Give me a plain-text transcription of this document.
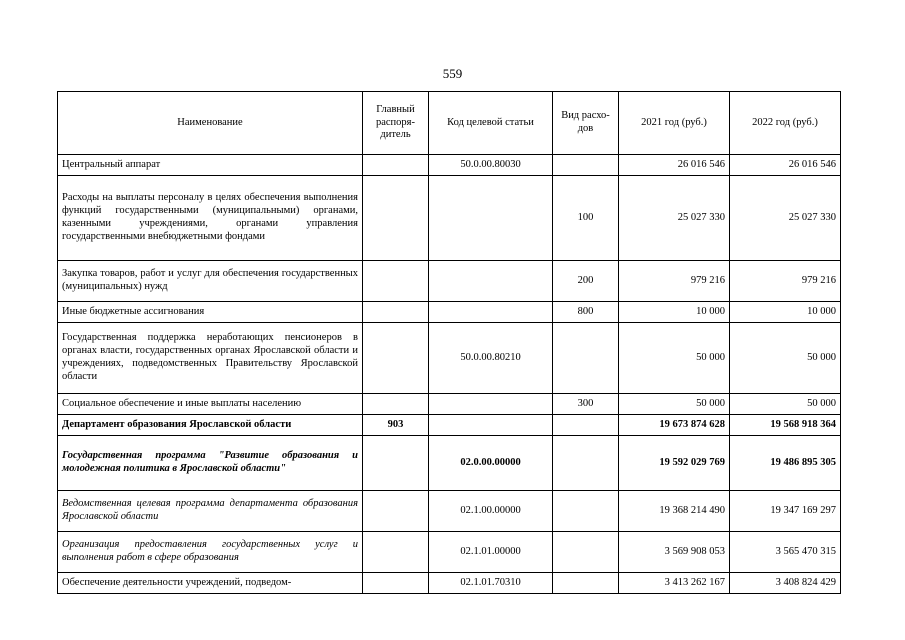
559
Наименование	Главный распоря-дитель	Код целевой статьи	Вид расхо-дов	2021 год (руб.)	2022 год (руб.)
Центральный аппарат		50.0.00.80030		26 016 546	26 016 546
Расходы на выплаты персоналу в целях обеспечения выполнения функций государственными (муниципальными) органами, казенными учреждениями, органами управления государственными внебюджетными фондами			100	25 027 330	25 027 330
Закупка товаров, работ и услуг для обеспечения государственных (муниципальных) нужд			200	979 216	979 216
Иные бюджетные ассигнования			800	10 000	10 000
Государственная поддержка неработающих пенсионеров в органах власти, государственных органах Ярославской области и учреждениях, подведомственных Правительству Ярославской области		50.0.00.80210		50 000	50 000
Социальное обеспечение и иные выплаты населению			300	50 000	50 000
Департамент образования Ярославской области	903			19 673 874 628	19 568 918 364
Государственная программа "Развитие образования и молодежная политика в Ярославской области"		02.0.00.00000		19 592 029 769	19 486 895 305
Ведомственная целевая программа департамента образования Ярославской области		02.1.00.00000		19 368 214 490	19 347 169 297
Организация предоставления государственных услуг и выполнения работ в сфере образования		02.1.01.00000		3 569 908 053	3 565 470 315
Обеспечение деятельности учреждений, подведом-		02.1.01.70310		3 413 262 167	3 408 824 429
